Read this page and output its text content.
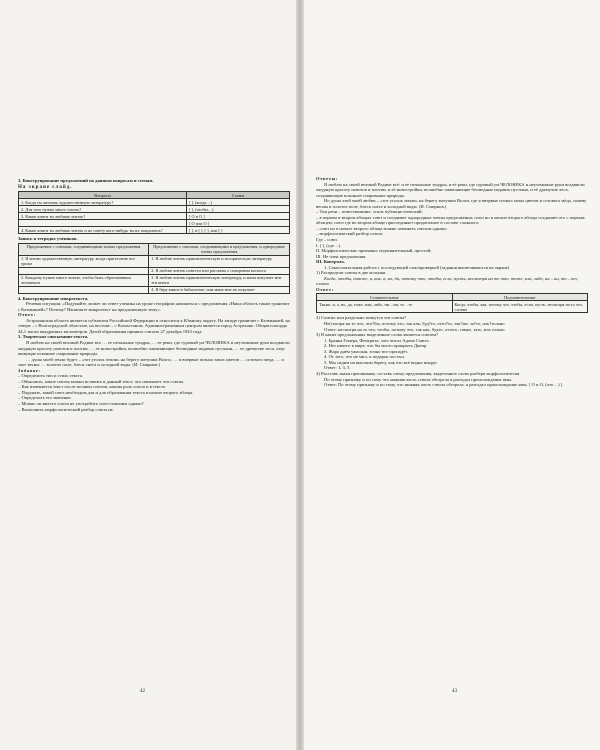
3. Конструирование предложений по данным вопросам и схемам.

На экране слайд.

Вопросы	Схемы
1. Когда ты читаешь художественную литературу?	[ ], (когда…)
2. Для чего нужно много читать?	[ ], (чтобы…)
3. Какие книги ты любишь читать?	[ О и О ]
	[ О или О ]
4. Какие книги ты любишь читать и по совету кого-нибудь ты их покупаешь?	[ ], и [ ], [ ], или [ ]

Запись в тетрадях учеников.

Предложение с союзами, соединяющими только предложения	Предложение с союзами, соединяющими и предложения, и однородные члены предложения
1. Я читаю художественную литературу, когда приготовлю все уроки	1. Я люблю читать приключенческую и историческую литературу
	2. Я люблю читать повести или рассказы о покорении космоса
2. Каждому нужно много читать, чтобы быть образованным человеком	3. Я люблю читать приключенческую литературу, и мама покупает мне эти книги
	4. Я беру книги в библиотеке, или мама мне их покупает

4. Конструирование микротекста.

Речевая ситуация: «Подумайте, может ли ответ ученика на уроке географии начинаться с предложения «Наша область также граничит с Казмынией»? Почему? Напишите микротекст на предложенную тему».

Ответ:

Астраханская область является субъектом Российской Федерации и относится к Южному округу. На западе граничит с Калмыкией, на севере – с Волгоградской областью, на востоке – с Казахстаном. Административным центром является город Астрахань. Общая площадь 44,1 тысяч квадратных километров. Датой образования принято считать 27 декабря 1943 года.

3. Творческое списывание текста.

Я люблю на своей великой Родине все … ее печальные тундры, … ее реки, где суровый ум ЧЕЛОВЕКА и неутомимые руки воздвигли ажурную красоту шлюзов и плотин, … ее новостройки, волшебно оживляющие безлюдные недавно пустыни, … ее дремучие леса, озер живущие исконное очарование природы.

… душа моей земли будет – «тот уголок земли» на берегу матушки Волги, … и впервые познал запах цветов … сотового меда, … и снег весны … золотое поле, блеск снега и холодной воды. (И. Смирнов.)

Задание:

– Определить тип и стиль текста.

– Объяснить, какие союзы можно вставить в данный текст, что связывает эти союзы.

– Как изменяется текст после вставки союзов, какова роль союза и в тексте.

– Подумать, какой союз необходим для и для образования текста в начале второго абзаца.

– Определить его значение.

– Можно ли вместо союза не употребить союз-синоним однако?

– Выполнить морфологический разбор союза не.

42

Ответы:

Я люблю на своей великой Родине всё: и её печальные тундры, и её реки, где суровый ум ЧЕЛОВЕКА и неутомимые руки воздвигли ажурную красоту шлюзов и плотин, и её новостройки, волшебно оживляющие безлюдные недавно пустыни, и её дремучие леса, сохраняющие исконное очарование природы.

Но душа этой моей любви – «тот уголок земли» на берегу матушки Волги, где я впервые познал запах цветов и сотового мёда, синеву весны и золотое поле, блеск снега и холодной воды. (И. Смирнов.)

– Тип речи – повествование, стиль публицистический;

– в первом и втором абзацах союз и соединяет однородные члены предложения; союз но в начале второго абзаца соединяет его с первым абзацем; союз где во втором абзаце присоединяет придаточное в составе сложного;

– союз но в начале второго абзаца можно заменить союзом однако;

– морфологический разбор союза:

Где – союз.

I. [ ], (где…).

II. Морфологические признаки: подчинительный, простой;

III. Не член предложения.

III. Контроль.

1. Самостоятельная работа с последующей самопроверкой (задания высвечиваются на экране)

1) Распредели союзы в две колонки.

Когда, чтобы, также, и, как, а, но, да, потому что, чтобы, если, пусть, несмотря на то что, тоже, или, либо, ни – ни, то – то, словно

Ответ:

Сочинительные	Подчинительные
Также, и, а, но, да, тоже, или, либо, ни…ни, то…то	Когда, чтобы, как, потому что, чтобы, если, пусть, несмотря на то что, словно

2) Слитно или раздельно пишутся эти союзы?

Не(смотря на то что, что?бы, потому что, так как, буд?то, отто?го, так?же, за?то, иль?тольно

Ответ: несмотря на то что, чтобы, потому что, так как, будто, оттого, также, зато, иль только

3) В каких предложениях выделенное слово является союзом?

1. Бранка Гомера, Феокрита, зато читал Адама Смита.

2. Нет ничего в мире, что бы могло прикрыть Днепр.

3. Жара днём ужасная, точно все пропадёт.

4. От того, что не мил, и подарок постыл.

5. Мы сидим на высоком берегу, как что всё видно вокруг.

Ответ: 1, 3, 5.

4) Расставь знаки препинания; составь схему предложения, выделенное слово разбери морфологически.

По этому признаку и по тому что нижняя часть ствола обгорела я разгадал происхождение ямы.

Ответ: По этому признаку и по тому, что нижняя часть ствола обгорела, я разгадал происхождение ямы. [ О и О, (что…) ].

43
